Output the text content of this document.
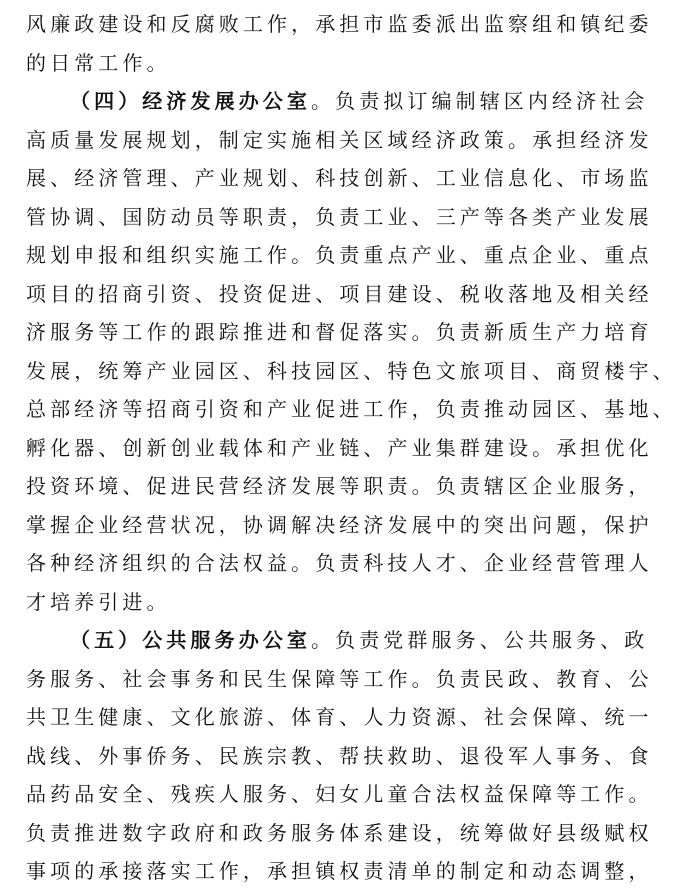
风廉政建设和反腐败工作，承担市监委派出监察组和镇纪委
的日常工作。
（四）经济发展办公室。负责拟订编制辖区内经济社会
高质量发展规划，制定实施相关区域经济政策。承担经济发
展、经济管理、产业规划、科技创新、工业信息化、市场监
管协调、国防动员等职责，负责工业、三产等各类产业发展
规划申报和组织实施工作。负责重点产业、重点企业、重点
项目的招商引资、投资促进、项目建设、税收落地及相关经
济服务等工作的跟踪推进和督促落实。负责新质生产力培育
发展，统筹产业园区、科技园区、特色文旅项目、商贸楼宇、
总部经济等招商引资和产业促进工作，负责推动园区、基地、
孵化器、创新创业载体和产业链、产业集群建设。承担优化
投资环境、促进民营经济发展等职责。负责辖区企业服务，
掌握企业经营状况，协调解决经济发展中的突出问题，保护
各种经济组织的合法权益。负责科技人才、企业经营管理人
才培养引进。
（五）公共服务办公室。负责党群服务、公共服务、政
务服务、社会事务和民生保障等工作。负责民政、教育、公
共卫生健康、文化旅游、体育、人力资源、社会保障、统一
战线、外事侨务、民族宗教、帮扶救助、退役军人事务、食
品药品安全、残疾人服务、妇女儿童合法权益保障等工作。
负责推进数字政府和政务服务体系建设，统筹做好县级赋权
事项的承接落实工作，承担镇权责清单的制定和动态调整，
